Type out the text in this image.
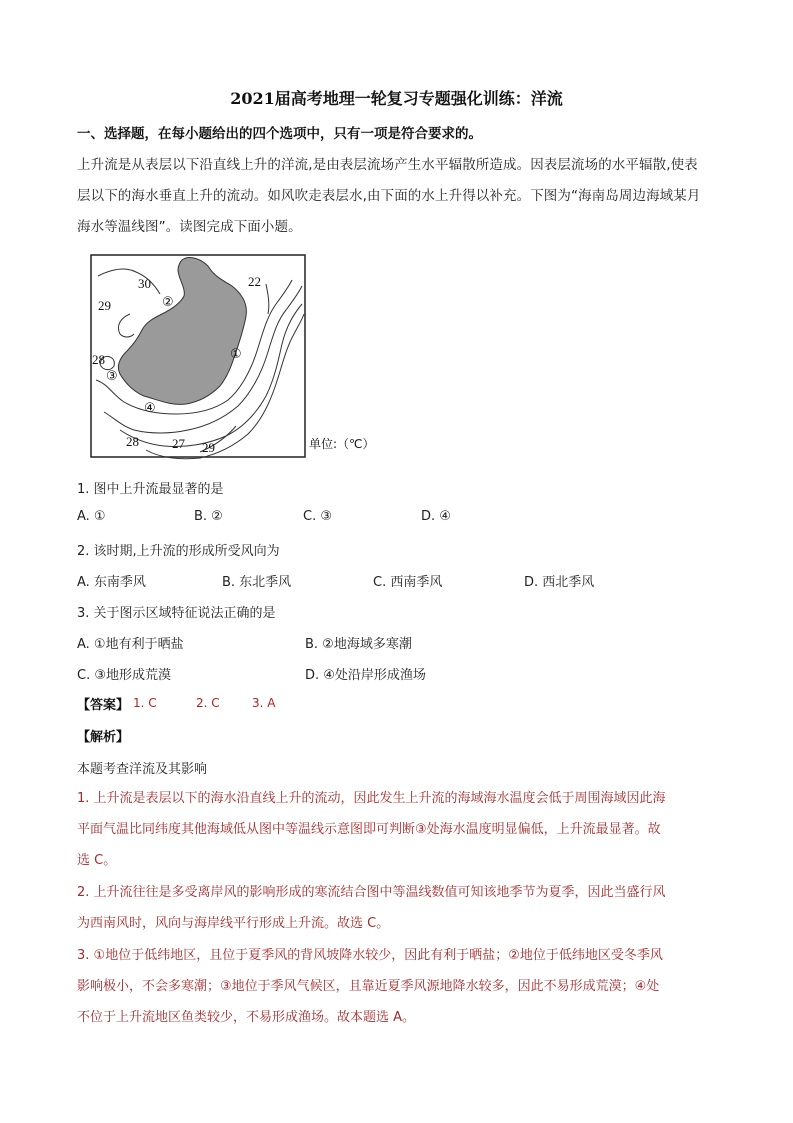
2021届高考地理一轮复习专题强化训练：洋流
一、选择题，在每小题给出的四个选项中，只有一项是符合要求的。
上升流是从表层以下沿直线上升的洋流,是由表层流场产生水平辐散所造成。因表层流场的水平辐散,使表
层以下的海水垂直上升的流动。如风吹走表层水,由下面的水上升得以补充。下图为“海南岛周边海域某月
海水等温线图”。读图完成下面小题。
30	22
29
28
28	27 29
②
①
③
④
单位:（℃）
1. 图中上升流最显著的是
A. ①	B. ②	C. ③	D. ④
2. 该时期,上升流的形成所受风向为
A. 东南季风	B. 东北季风	C. 西南季风	D. 西北季风
3. 关于图示区域特征说法正确的是
A. ①地有利于晒盐	B. ②地海域多寒潮
C. ③地形成荒漠	D. ④处沿岸形成渔场
【答案】 1. C	2. C	3. A
【解析】
本题考查洋流及其影响
1. 上升流是表层以下的海水沿直线上升的流动，因此发生上升流的海域海水温度会低于周围海域因此海
平面气温比同纬度其他海域低从图中等温线示意图即可判断③处海水温度明显偏低，上升流最显著。故
选 C。
2. 上升流往往是多受离岸风的影响形成的寒流结合图中等温线数值可知该地季节为夏季，因此当盛行风
为西南风时，风向与海岸线平行形成上升流。故选 C。
3. ①地位于低纬地区，且位于夏季风的背风坡降水较少，因此有利于晒盐；②地位于低纬地区受冬季风
影响极小，不会多寒潮；③地位于季风气候区，且靠近夏季风源地降水较多，因此不易形成荒漠；④处
不位于上升流地区鱼类较少，不易形成渔场。故本题选 A。
